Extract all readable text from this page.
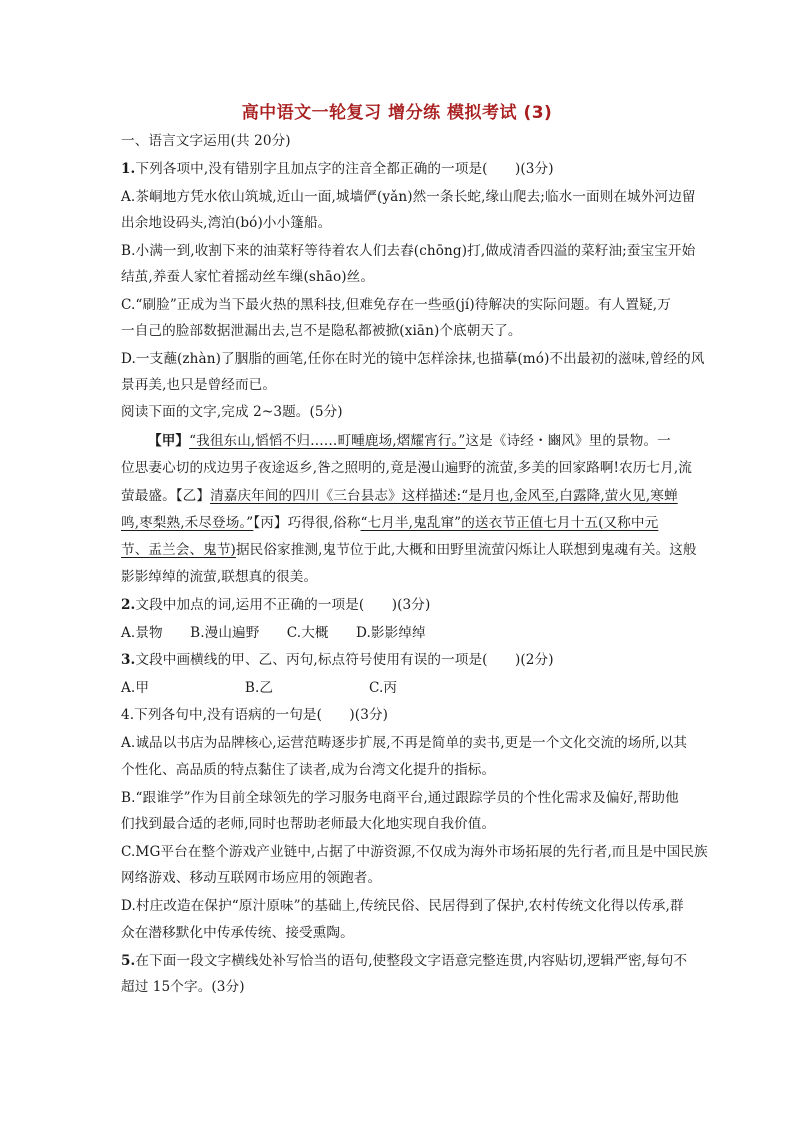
高中语文一轮复习 增分练 模拟考试 (3)
一、语言文字运用(共 20分)
1.下列各项中,没有错别字且加点字的注音全都正确的一项是(　　)(3分)
A.茶峒地方凭水依山筑城,近山一面,城墙俨(yǎn)然一条长蛇,缘山爬去;临水一面则在城外河边留
出余地设码头,湾泊(bó)小小篷船。
B.小满一到,收割下来的油菜籽等待着农人们去舂(chōng)打,做成清香四溢的菜籽油;蚕宝宝开始
结茧,养蚕人家忙着摇动丝车缫(shāo)丝。
C.“刷脸”正成为当下最火热的黑科技,但难免存在一些亟(jí)待解决的实际问题。有人置疑,万
一自己的脸部数据泄漏出去,岂不是隐私都被掀(xiān)个底朝天了。
D.一支蘸(zhàn)了胭脂的画笔,任你在时光的镜中怎样涂抹,也描摹(mó)不出最初的滋味,曾经的风
景再美,也只是曾经而已。
阅读下面的文字,完成 2~3题。(5分)
【甲】“我徂东山,慆慆不归……町畽鹿场,熠耀宵行。”这是《诗经・豳风》里的景物。一
位思妻心切的戍边男子夜途返乡,昝之照明的,竟是漫山遍野的流萤,多美的回家路啊!农历七月,流
萤最盛。【乙】清嘉庆年间的四川《三台县志》这样描述:“是月也,金风至,白露降,萤火见,寒蝉
鸣,枣梨熟,禾尽登场。”【丙】巧得很,俗称“七月半,鬼乱窜”的送衣节正值七月十五(又称中元
节、盂兰会、鬼节)据民俗家推测,鬼节位于此,大概和田野里流萤闪烁让人联想到鬼魂有关。这般
影影绰绰的流萤,联想真的很美。
2.文段中加点的词,运用不正确的一项是(　　)(3分)
A.景物　　B.漫山遍野　　C.大概　　D.影影绰绰
3.文段中画横线的甲、乙、丙句,标点符号使用有误的一项是(　　)(2分)
A.甲　　　　　　　B.乙　　　　　　　C.丙
4.下列各句中,没有语病的一句是(　　)(3分)
A.诚品以书店为品牌核心,运营范畴逐步扩展,不再是简单的卖书,更是一个文化交流的场所,以其
个性化、高品质的特点黏住了读者,成为台湾文化提升的指标。
B.“跟谁学”作为目前全球领先的学习服务电商平台,通过跟踪学员的个性化需求及偏好,帮助他
们找到最合适的老师,同时也帮助老师最大化地实现自我价值。
C.MG平台在整个游戏产业链中,占据了中游资源,不仅成为海外市场拓展的先行者,而且是中国民族
网络游戏、移动互联网市场应用的领跑者。
D.村庄改造在保护“原汁原味”的基础上,传统民俗、民居得到了保护,农村传统文化得以传承,群
众在潜移默化中传承传统、接受熏陶。
5.在下面一段文字横线处补写恰当的语句,使整段文字语意完整连贯,内容贴切,逻辑严密,每句不
超过 15个字。(3分)
